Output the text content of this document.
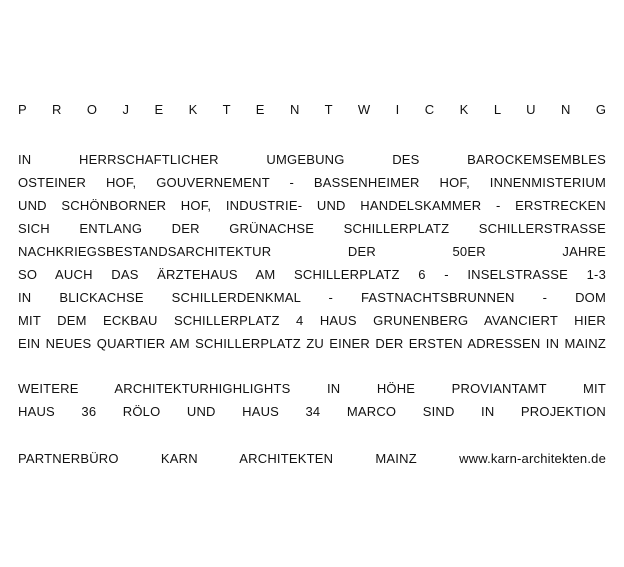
P R O J E K T E N T W I C K L U N G
IN HERRSCHAFTLICHER UMGEBUNG DES BAROCKEMSEMBLES
OSTEINER HOF, GOUVERNEMENT - BASSENHEIMER HOF, INNENMISTERIUM
UND SCHÖNBORNER HOF, INDUSTRIE- UND HANDELSKAMMER - ERSTRECKEN
SICH ENTLANG DER GRÜNACHSE SCHILLERPLATZ SCHILLERSTRASSE
NACHKRIEGSBESTANDSARCHITEKTUR DER 50ER JAHRE
SO AUCH DAS ÄRZTEHAUS AM SCHILLERPLATZ 6 - INSELSTRASSE 1-3
IN BLICKACHSE SCHILLERDENKMAL - FASTNACHTSBRUNNEN - DOM
MIT DEM ECKBAU SCHILLERPLATZ 4 HAUS GRUNENBERG AVANCIERT HIER
EIN NEUES QUARTIER AM SCHILLERPLATZ ZU EINER DER ERSTEN ADRESSEN IN MAINZ
WEITERE ARCHITEKTURHIGHLIGHTS IN HÖHE PROVIANTAMT MIT
HAUS 36 RÖLO UND HAUS 34 MARCO SIND IN PROJEKTION
PARTNERBÜRO KARN ARCHITEKTEN MAINZ	www.karn-architekten.de
